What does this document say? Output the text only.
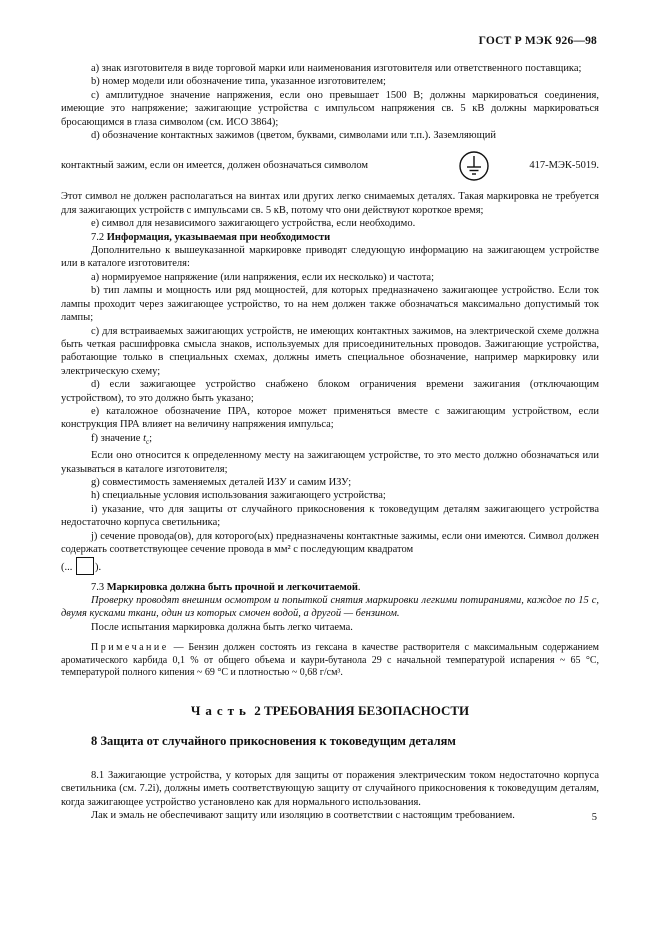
ГОСТ Р МЭК 926—98

a) знак изготовителя в виде торговой марки или наименования изготовителя или ответственного поставщика;

b) номер модели или обозначение типа, указанное изготовителем;

c) амплитудное значение напряжения, если оно превышает 1500 В; должны маркироваться соединения, имеющие это напряжение; зажигающие устройства с импульсом напряжения св. 5 кВ должны маркироваться бросающимся в глаза символом (см. ИСО 3864);

d) обозначение контактных зажимов (цветом, буквами, символами или т.п.). Заземляющий

контактный зажим, если он имеется, должен обозначаться символом	417-МЭК-5019.

Этот символ не должен располагаться на винтах или других легко снимаемых деталях. Такая маркировка не требуется для зажигающих устройств с импульсами св. 5 кВ, потому что они действуют короткое время;

e) символ для независимого зажигающего устройства, если необходимо.

7.2 Информация, указываемая при необходимости

Дополнительно к вышеуказанной маркировке приводят следующую информацию на зажигающем устройстве или в каталоге изготовителя:

a) нормируемое напряжение (или напряжения, если их несколько) и частота;

b) тип лампы и мощность или ряд мощностей, для которых предназначено зажигающее устройство. Если ток лампы проходит через зажигающее устройство, то на нем должен также обозначаться максимально допустимый ток лампы;

c) для встраиваемых зажигающих устройств, не имеющих контактных зажимов, на электрической схеме должна быть четкая расшифровка смысла знаков, используемых для присоединительных проводов. Зажигающие устройства, работающие только в специальных схемах, должны иметь специальное обозначение, например маркировку или электрическую схему;

d) если зажигающее устройство снабжено блоком ограничения времени зажигания (отключающим устройством), то это должно быть указано;

e) каталожное обозначение ПРА, которое может применяться вместе с зажигающим устройством, если конструкция ПРА влияет на величину напряжения импульса;

f) значение $t_c$;

Если оно относится к определенному месту на зажигающем устройстве, то это место должно обозначаться или указываться в каталоге изготовителя;

g) совместимость заменяемых деталей ИЗУ и самим ИЗУ;

h) специальные условия использования зажигающего устройства;

i) указание, что для защиты от случайного прикосновения к токоведущим деталям зажигающего устройства недостаточно корпуса светильника;

j) сечение провода(ов), для которого(ых) предназначены контактные зажимы, если они имеются. Символ должен содержать соответствующее сечение провода в мм² с последующим квадратом

(... ).

7.3 Маркировка должна быть прочной и легкочитаемой.

Проверку проводят внешним осмотром и попыткой снятия маркировки легкими потираниями, каждое по 15 с, двумя кусками ткани, один из которых смочен водой, а другой — бензином.

После испытания маркировка должна быть легко читаема.

Примечание — Бензин должен состоять из гексана в качестве растворителя с максимальным содержанием ароматического карбида 0,1 % от общего объема и каури-бутанола 29 с начальной температурой испарения ~ 65 °С, температурой полного кипения ~ 69 °С и плотностью ~ 0,68 г/см³.

Часть 2 ТРЕБОВАНИЯ БЕЗОПАСНОСТИ
8 Защита от случайного прикосновения к токоведущим деталям

8.1 Зажигающие устройства, у которых для защиты от поражения электрическим током недостаточно корпуса светильника (см. 7.2i), должны иметь соответствующую защиту от случайного прикосновения к токоведущим деталям, когда зажигающее устройство установлено как для нормального использования.

Лак и эмаль не обеспечивают защиту или изоляцию в соответствии с настоящим требованием.	5
